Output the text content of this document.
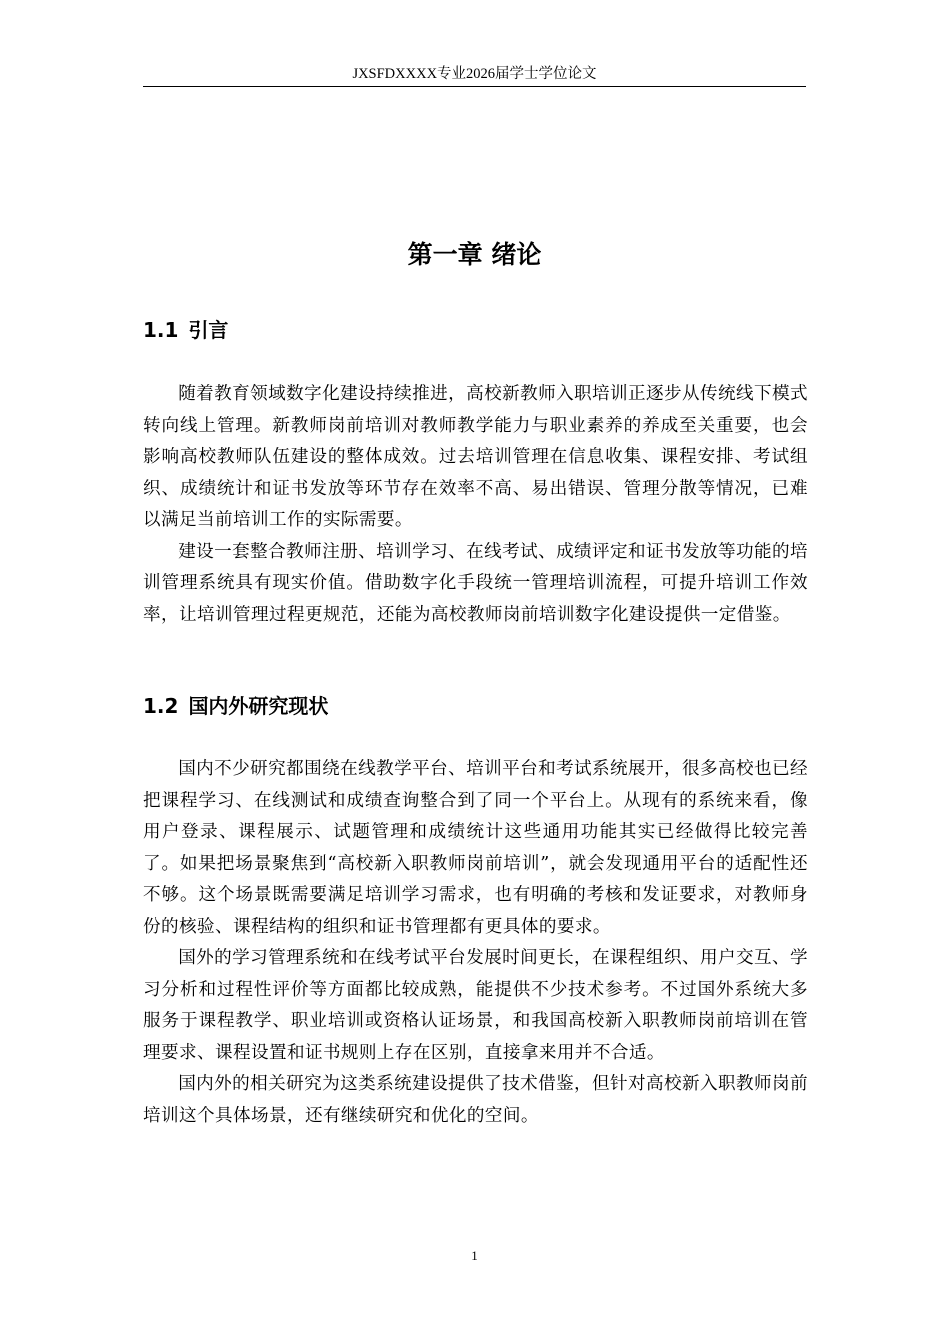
JXSFDXXXX专业2026届学士学位论文
第一章 绪论
1.1 引言

随着教育领域数字化建设持续推进，高校新教师入职培训正逐步从传统线下模式转向线上管理。新教师岗前培训对教师教学能力与职业素养的养成至关重要，也会影响高校教师队伍建设的整体成效。过去培训管理在信息收集、课程安排、考试组织、成绩统计和证书发放等环节存在效率不高、易出错误、管理分散等情况，已难以满足当前培训工作的实际需要。

建设一套整合教师注册、培训学习、在线考试、成绩评定和证书发放等功能的培训管理系统具有现实价值。借助数字化手段统一管理培训流程，可提升培训工作效率，让培训管理过程更规范，还能为高校教师岗前培训数字化建设提供一定借鉴。

1.2 国内外研究现状

国内不少研究都围绕在线教学平台、培训平台和考试系统展开，很多高校也已经把课程学习、在线测试和成绩查询整合到了同一个平台上。从现有的系统来看，像用户登录、课程展示、试题管理和成绩统计这些通用功能其实已经做得比较完善了。如果把场景聚焦到“高校新入职教师岗前培训”，就会发现通用平台的适配性还不够。这个场景既需要满足培训学习需求，也有明确的考核和发证要求，对教师身份的核验、课程结构的组织和证书管理都有更具体的要求。

国外的学习管理系统和在线考试平台发展时间更长，在课程组织、用户交互、学习分析和过程性评价等方面都比较成熟，能提供不少技术参考。不过国外系统大多服务于课程教学、职业培训或资格认证场景，和我国高校新入职教师岗前培训在管理要求、课程设置和证书规则上存在区别，直接拿来用并不合适。

国内外的相关研究为这类系统建设提供了技术借鉴，但针对高校新入职教师岗前培训这个具体场景，还有继续研究和优化的空间。

1
